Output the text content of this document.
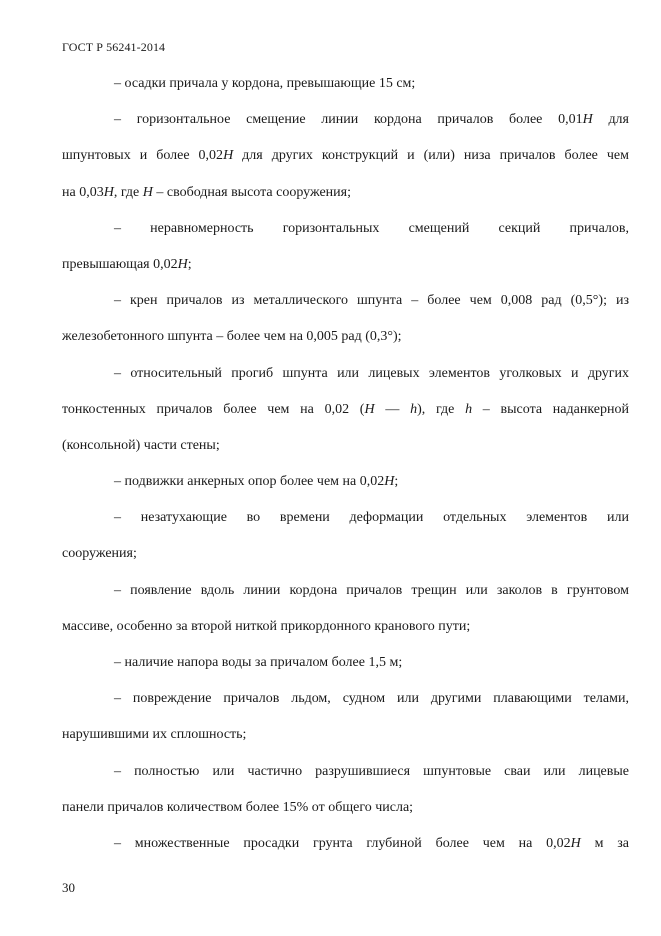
ГОСТ Р 56241-2014
– осадки причала у кордона, превышающие 15 см;
– горизонтальное смещение линии кордона причалов более 0,01H для
шпунтовых и более 0,02H для других конструкций и (или) низа причалов более чем
на 0,03H, где H – свободная высота сооружения;
– неравномерность горизонтальных смещений секций причалов,
превышающая 0,02H;
– крен причалов из металлического шпунта – более чем 0,008 рад (0,5°); из
железобетонного шпунта – более чем на 0,005 рад (0,3°);
– относительный прогиб шпунта или лицевых элементов уголковых и других
тонкостенных причалов более чем на 0,02 (H — h), где h – высота наданкерной
(консольной) части стены;
– подвижки анкерных опор более чем на 0,02H;
– незатухающие во времени деформации отдельных элементов или
сооружения;
– появление вдоль линии кордона причалов трещин или заколов в грунтовом
массиве, особенно за второй ниткой прикордонного кранового пути;
– наличие напора воды за причалом более 1,5 м;
– повреждение причалов льдом, судном или другими плавающими телами,
нарушившими их сплошность;
– полностью или частично разрушившиеся шпунтовые сваи или лицевые
панели причалов количеством более 15% от общего числа;
– множественные просадки грунта глубиной более чем на 0,02H м за
30
